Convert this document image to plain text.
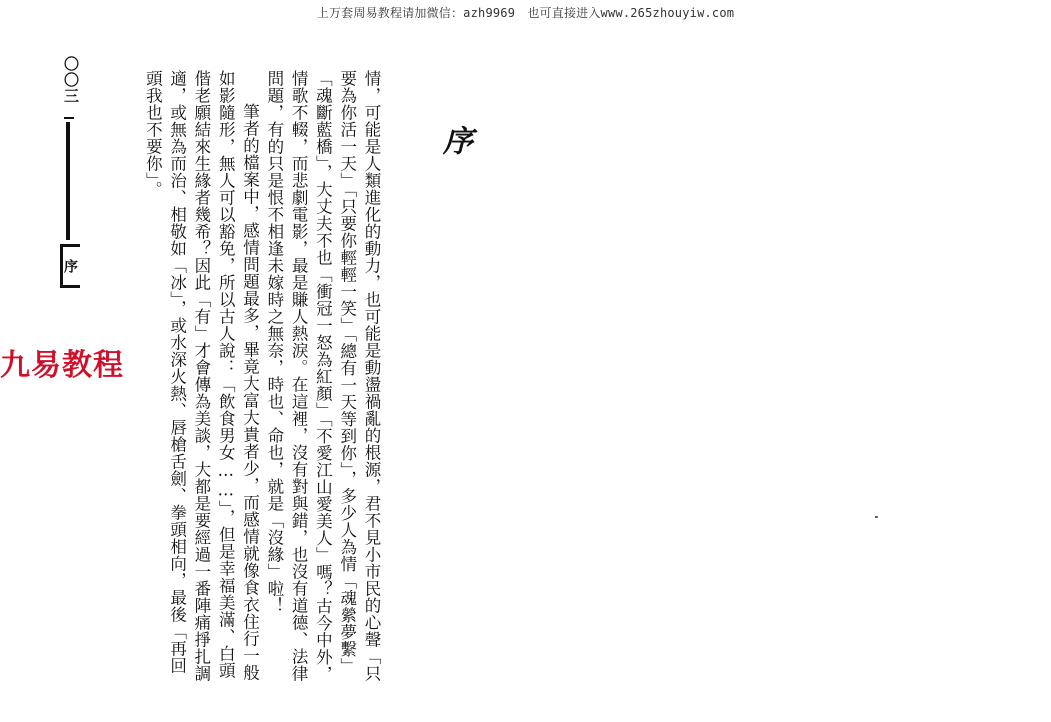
上万套周易教程请加微信：azh9969　也可直接进入www.265zhouyiw.com
〇〇三
序
九易教程
序

情，可能是人類進化的動力，也可能是動盪禍亂的根源，君不見小市民的心聲「只要為你活一天」「只要你輕輕一笑」「總有一天等到你」，多少人為情「魂縈夢繫」「魂斷藍橋」，大丈夫不也「衝冠一怒為紅顏」「不愛江山愛美人」嗎？古今中外，情歌不輟，而悲劇電影，最是賺人熱淚。在這裡，沒有對與錯，也沒有道德、法律問題，有的只是恨不相逢未嫁時之無奈，時也、命也，就是「沒緣」啦！

筆者的檔案中，感情問題最多，畢竟大富大貴者少，而感情就像食衣住行一般如影隨形，無人可以豁免，所以古人說：「飲食男女……」，但是幸福美滿、白頭偕老願結來生緣者幾希？因此「有」才會傳為美談，大都是要經過一番陣痛掙扎調適，或無為而治、相敬如「冰」，或水深火熱、唇槍舌劍、拳頭相向，最後「再回頭我也不要你」。
